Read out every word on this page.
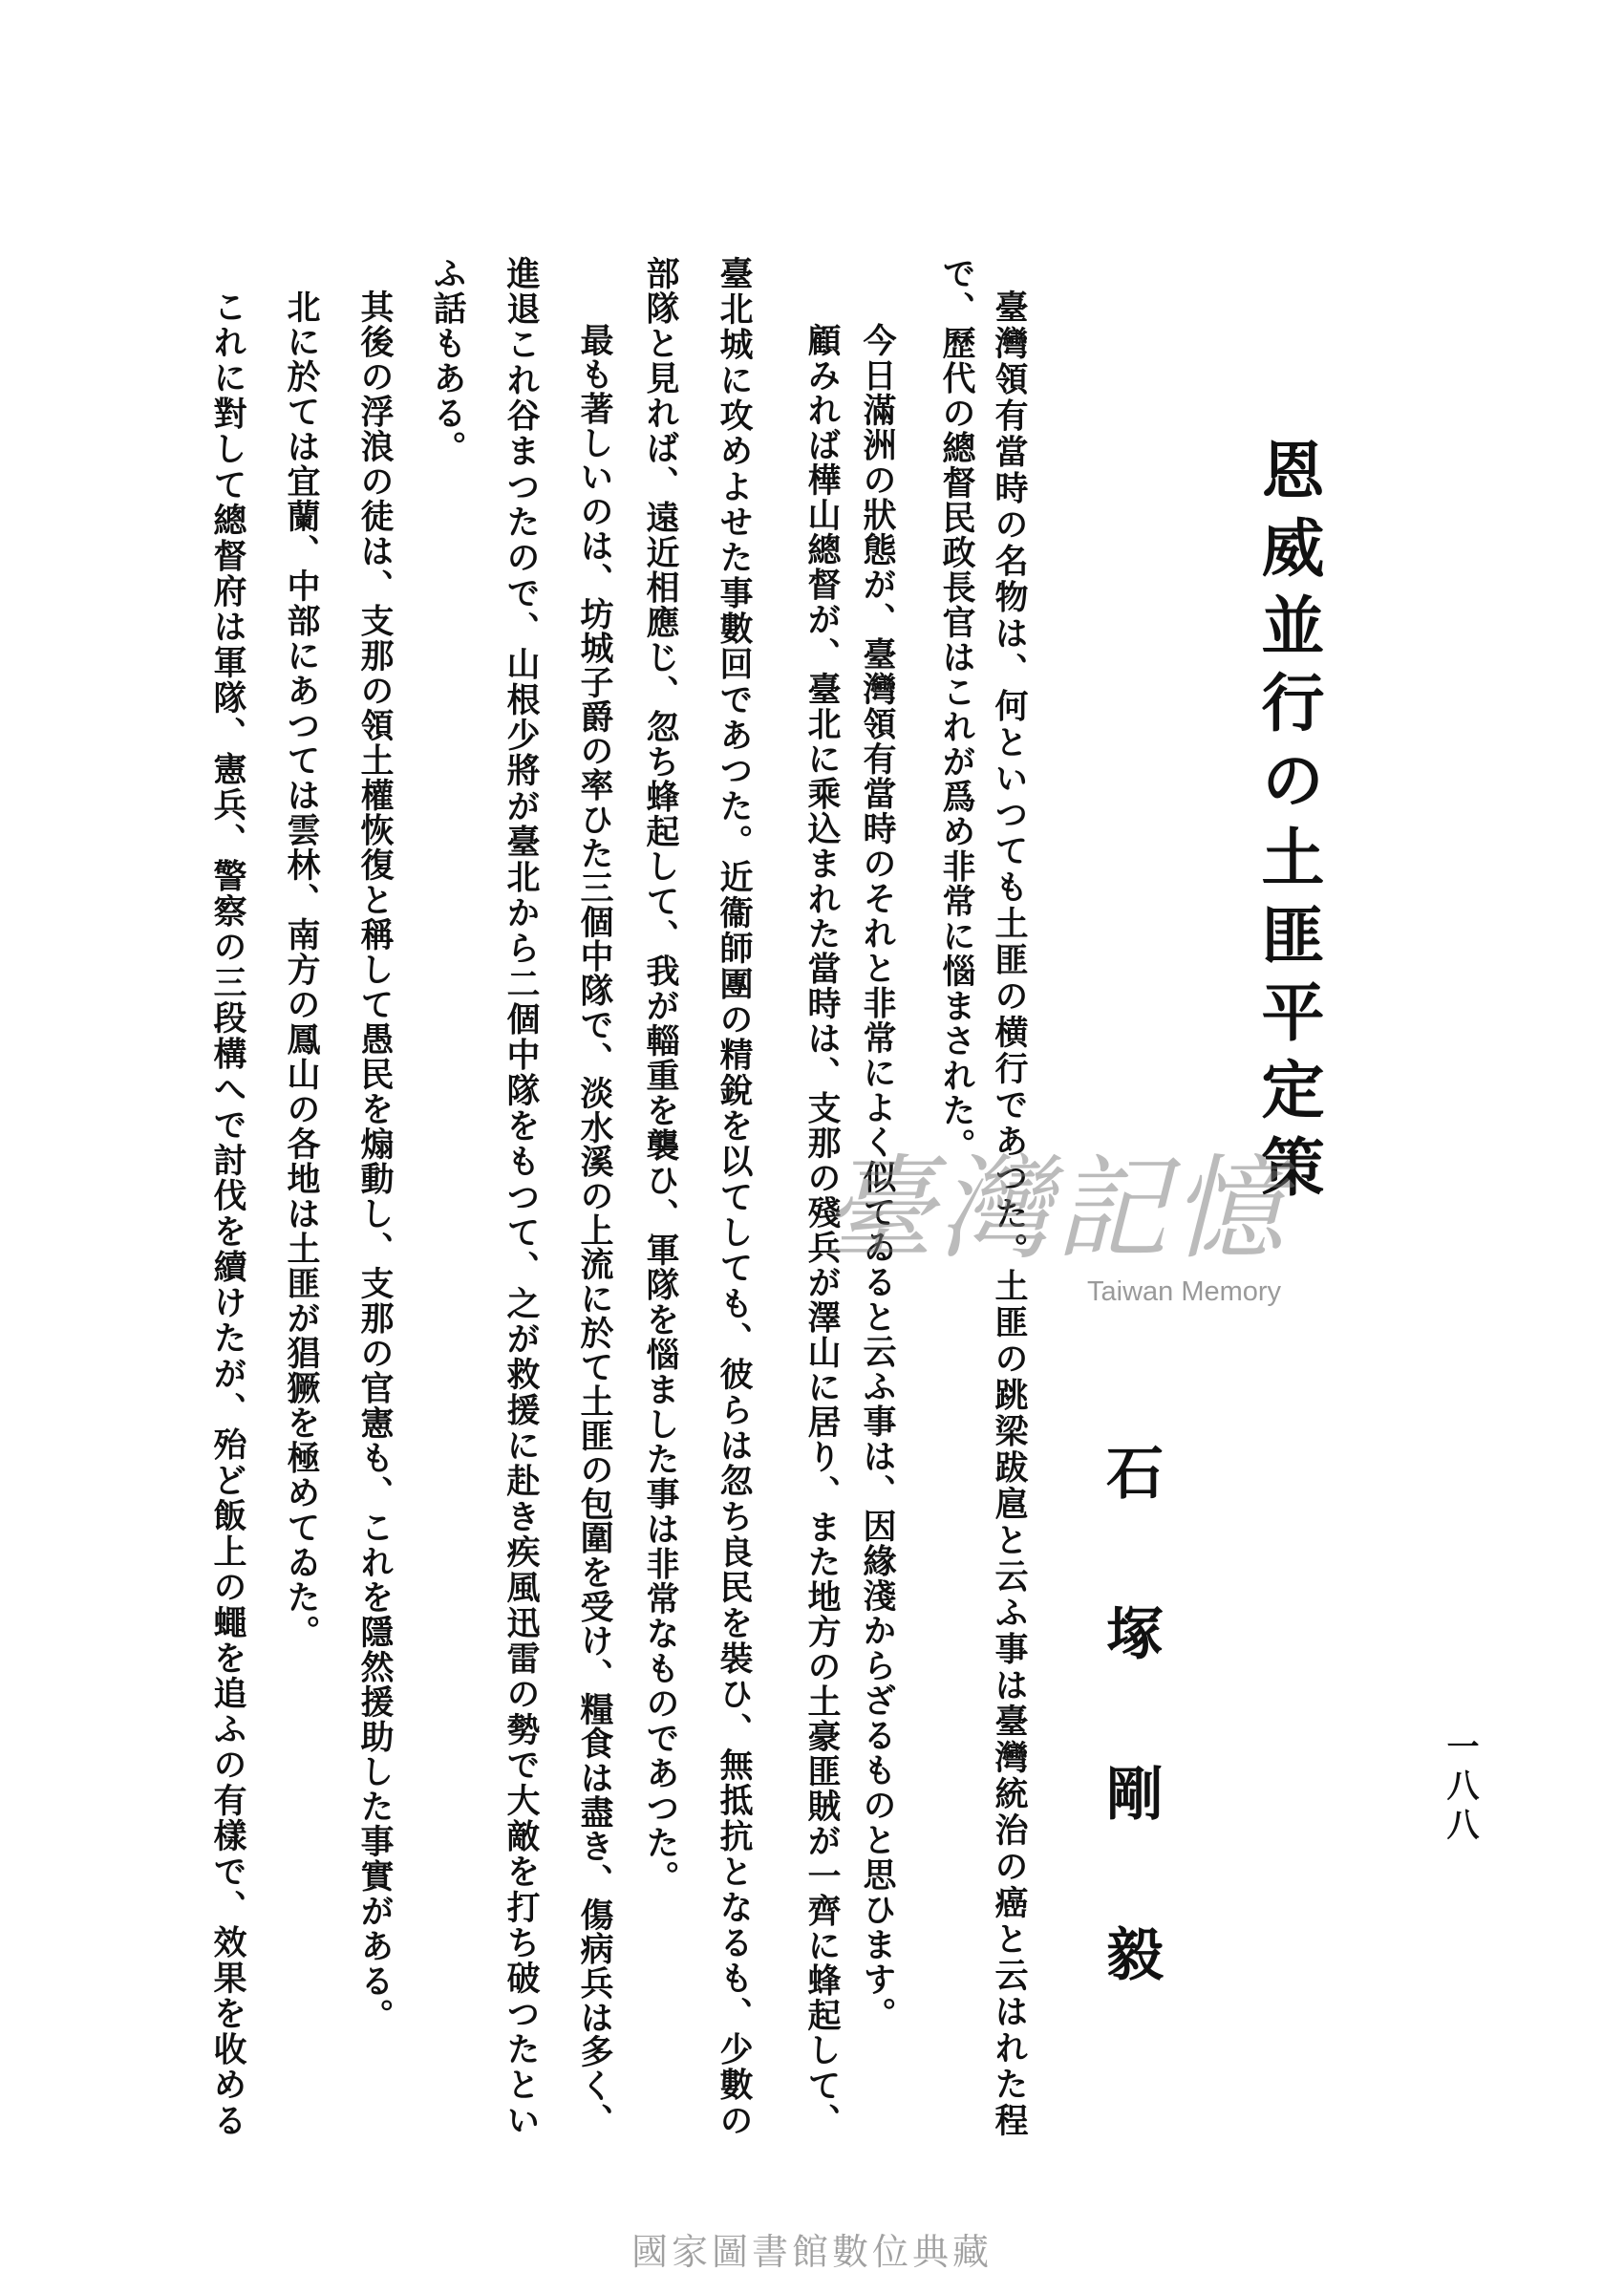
恩威並行の土匪平定策
石塚剛毅	一八八
臺灣領有當時の名物は、何といつても土匪の横行であつた。土匪の跳梁跋扈と云ふ事は臺灣統治の癌と云はれた程
で、歷代の總督民政長官はこれが爲め非常に惱まされた。
今日滿洲の狀態が、臺灣領有當時のそれと非常によく似てゐると云ふ事は、因緣淺からざるものと思ひます。
顧みれば樺山總督が、臺北に乘込まれた當時は、支那の殘兵が澤山に居り、また地方の土豪匪賊が一齊に蜂起して、
臺北城に攻めよせた事數回であつた。近衞師團の精銳を以てしても、彼らは忽ち良民を裝ひ、無抵抗となるも、少數の
部隊と見れば、遠近相應じ、忽ち蜂起して、我が輜重を襲ひ、軍隊を惱ました事は非常なものであつた。
最も著しいのは、坊城子爵の率ひた三個中隊で、淡水溪の上流に於て土匪の包圍を受け、糧食は盡き、傷病兵は多く、
進退これ谷まつたので、山根少將が臺北から二個中隊をもつて、之が救援に赴き疾風迅雷の勢で大敵を打ち破つたとい
ふ話もある。
其後の浮浪の徒は、支那の領土權恢復と稱して愚民を煽動し、支那の官憲も、これを隱然援助した事實がある。
北に於ては宜蘭、中部にあつては雲林、南方の鳳山の各地は土匪が猖獗を極めてゐた。
これに對して總督府は軍隊、憲兵、警察の三段構へで討伐を續けたが、殆ど飯上の蠅を追ふの有樣で、效果を收める	臺灣記憶
Taiwan Memory
國家圖書館數位典藏
